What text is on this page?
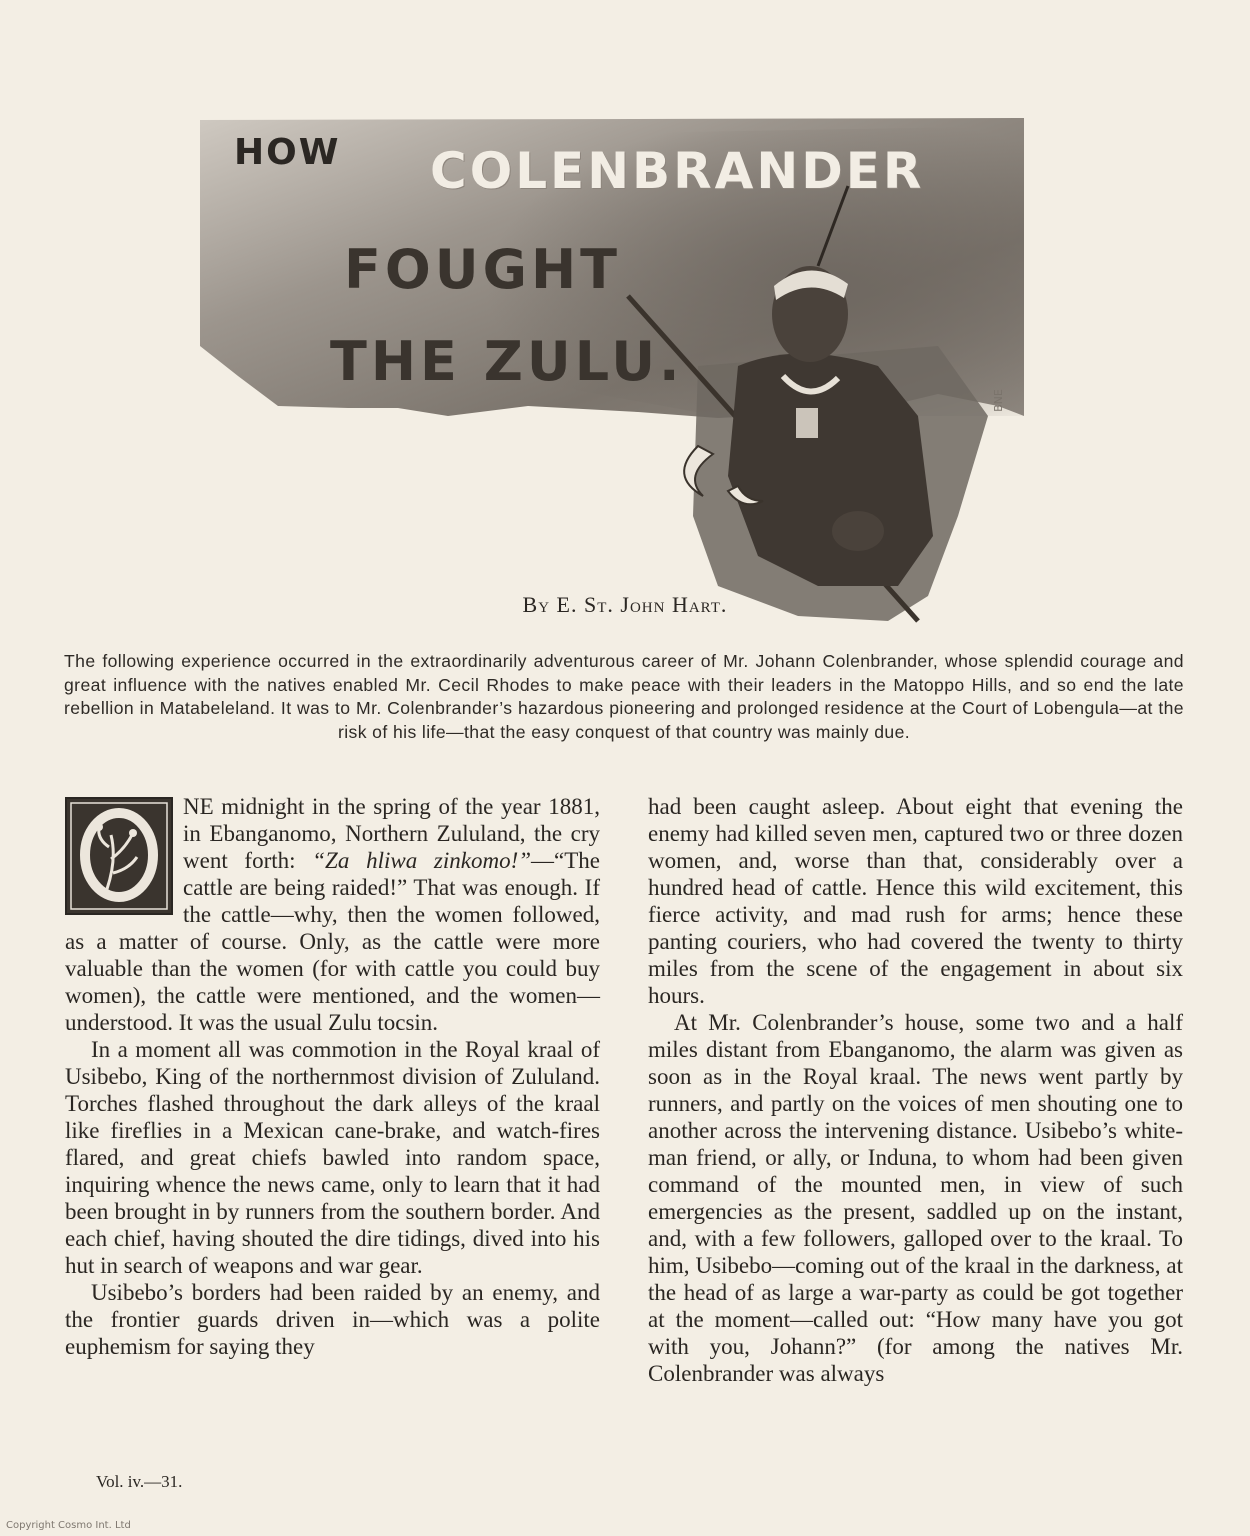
HOW COLENBRANDER
FOUGHT
THE ZULU.
BNE
By E. St. John Hart.
The following experience occurred in the extraordinarily adventurous career of Mr. Johann Colenbrander, whose splendid courage and great influence with the natives enabled Mr. Cecil Rhodes to make peace with their leaders in the Matoppo Hills, and so end the late rebellion in Matabeleland. It was to Mr. Colenbrander’s hazardous pioneering and prolonged residence at the Court of Lobengula—at the risk of his life—that the easy conquest of that country was mainly due.

NE midnight in the spring of the year 1881, in Ebanganomo, Northern Zululand, the cry went forth: “Za hliwa zinkomo!”—“The cattle are being raided!” That was enough. If the cattle—why, then the women followed, as a matter of course. Only, as the cattle were more valuable than the women (for with cattle you could buy women), the cattle were mentioned, and the women—understood. It was the usual Zulu tocsin.

In a moment all was commotion in the Royal kraal of Usibebo, King of the northernmost division of Zululand. Torches flashed throughout the dark alleys of the kraal like fireflies in a Mexican cane-brake, and watch-fires flared, and great chiefs bawled into random space, inquiring whence the news came, only to learn that it had been brought in by runners from the southern border. And each chief, having shouted the dire tidings, dived into his hut in search of weapons and war gear.

Usibebo’s borders had been raided by an enemy, and the frontier guards driven in—which was a polite euphemism for saying they

had been caught asleep. About eight that evening the enemy had killed seven men, captured two or three dozen women, and, worse than that, considerably over a hundred head of cattle. Hence this wild excitement, this fierce activity, and mad rush for arms; hence these panting couriers, who had covered the twenty to thirty miles from the scene of the engagement in about six hours.

At Mr. Colenbrander’s house, some two and a half miles distant from Ebanganomo, the alarm was given as soon as in the Royal kraal. The news went partly by runners, and partly on the voices of men shouting one to another across the intervening distance. Usibebo’s white-man friend, or ally, or Induna, to whom had been given command of the mounted men, in view of such emergencies as the present, saddled up on the instant, and, with a few followers, galloped over to the kraal. To him, Usibebo—coming out of the kraal in the darkness, at the head of as large a war-party as could be got together at the moment—called out: “How many have you got with you, Johann?” (for among the natives Mr. Colenbrander was always

Vol. iv.—31.
Copyright Cosmo Int. Ltd
